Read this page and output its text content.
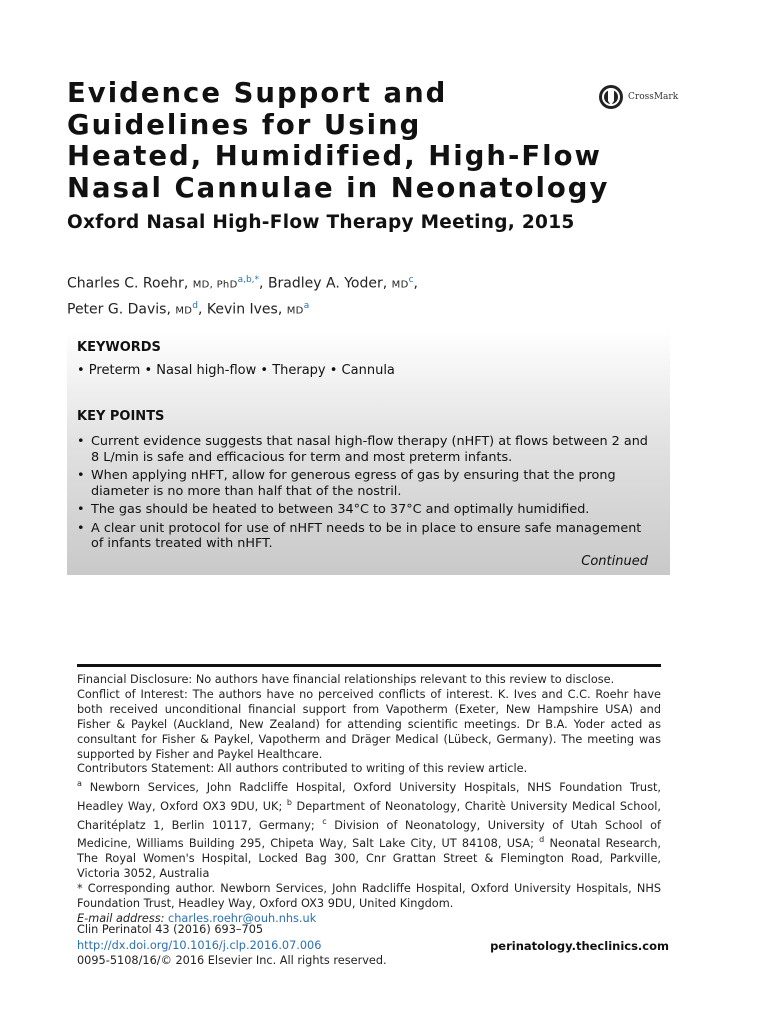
Evidence Support and
Guidelines for Using
Heated, Humidified, High-Flow
Nasal Cannulae in Neonatology
CrossMark
Oxford Nasal High-Flow Therapy Meeting, 2015
Charles C. Roehr, MD, PhD$^{a,b,*}$, Bradley A. Yoder, MD$^c$,
Peter G. Davis, MD$^d$, Kevin Ives, MD$^a$
KEYWORDS
• Preterm • Nasal high-flow • Therapy • Cannula
KEY POINTS
• Current evidence suggests that nasal high-flow therapy (nHFT) at flows between 2 and 8 L/min is safe and efficacious for term and most preterm infants.
• When applying nHFT, allow for generous egress of gas by ensuring that the prong diameter is no more than half that of the nostril.
• The gas should be heated to between 34°C to 37°C and optimally humidified.
• A clear unit protocol for use of nHFT needs to be in place to ensure safe management of infants treated with nHFT.
Continued

Financial Disclosure: No authors have financial relationships relevant to this review to disclose.

Conflict of Interest: The authors have no perceived conflicts of interest. K. Ives and C.C. Roehr have both received unconditional financial support from Vapotherm (Exeter, New Hampshire USA) and Fisher & Paykel (Auckland, New Zealand) for attending scientific meetings. Dr B.A. Yoder acted as consultant for Fisher & Paykel, Vapotherm and Dräger Medical (Lübeck, Germany). The meeting was supported by Fisher and Paykel Healthcare.

Contributors Statement: All authors contributed to writing of this review article.

$^a$ Newborn Services, John Radcliffe Hospital, Oxford University Hospitals, NHS Foundation Trust, Headley Way, Oxford OX3 9DU, UK; $^b$ Department of Neonatology, Charitè University Medical School, Charitéplatz 1, Berlin 10117, Germany; $^c$ Division of Neonatology, University of Utah School of Medicine, Williams Building 295, Chipeta Way, Salt Lake City, UT 84108, USA; $^d$ Neonatal Research, The Royal Women's Hospital, Locked Bag 300, Cnr Grattan Street & Flemington Road, Parkville, Victoria 3052, Australia

* Corresponding author. Newborn Services, John Radcliffe Hospital, Oxford University Hospitals, NHS Foundation Trust, Headley Way, Oxford OX3 9DU, United Kingdom.

E-mail address: charles.roehr@ouh.nhs.uk

Clin Perinatol 43 (2016) 693–705
http://dx.doi.org/10.1016/j.clp.2016.07.006
0095-5108/16/© 2016 Elsevier Inc. All rights reserved.
perinatology.theclinics.com
